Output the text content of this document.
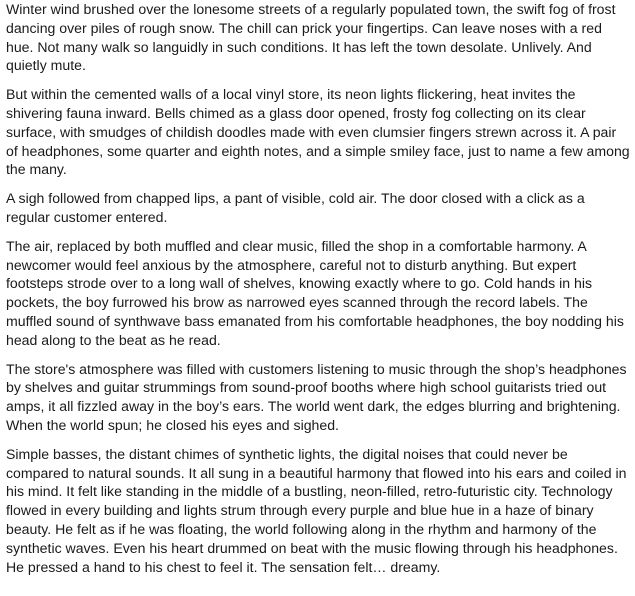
Winter wind brushed over the lonesome streets of a regularly populated town, the swift fog of frost dancing over piles of rough snow. The chill can prick your fingertips. Can leave noses with a red hue. Not many walk so languidly in such conditions. It has left the town desolate. Unlively. And quietly mute.

But within the cemented walls of a local vinyl store, its neon lights flickering, heat invites the shivering fauna inward. Bells chimed as a glass door opened, frosty fog collecting on its clear surface, with smudges of childish doodles made with even clumsier fingers strewn across it. A pair of headphones, some quarter and eighth notes, and a simple smiley face, just to name a few among the many.

A sigh followed from chapped lips, a pant of visible, cold air. The door closed with a click as a regular customer entered.

The air, replaced by both muffled and clear music, filled the shop in a comfortable harmony. A newcomer would feel anxious by the atmosphere, careful not to disturb anything. But expert footsteps strode over to a long wall of shelves, knowing exactly where to go. Cold hands in his pockets, the boy furrowed his brow as narrowed eyes scanned through the record labels. The muffled sound of synthwave bass emanated from his comfortable headphones, the boy nodding his head along to the beat as he read.

The store's atmosphere was filled with customers listening to music through the shop’s headphones by shelves and guitar strummings from sound-proof booths where high school guitarists tried out amps, it all fizzled away in the boy’s ears. The world went dark, the edges blurring and brightening. When the world spun; he closed his eyes and sighed.

Simple basses, the distant chimes of synthetic lights, the digital noises that could never be compared to natural sounds. It all sung in a beautiful harmony that flowed into his ears and coiled in his mind. It felt like standing in the middle of a bustling, neon-filled, retro-futuristic city. Technology flowed in every building and lights strum through every purple and blue hue in a haze of binary beauty. He felt as if he was floating, the world following along in the rhythm and harmony of the synthetic waves. Even his heart drummed on beat with the music flowing through his headphones. He pressed a hand to his chest to feel it. The sensation felt… dreamy.
